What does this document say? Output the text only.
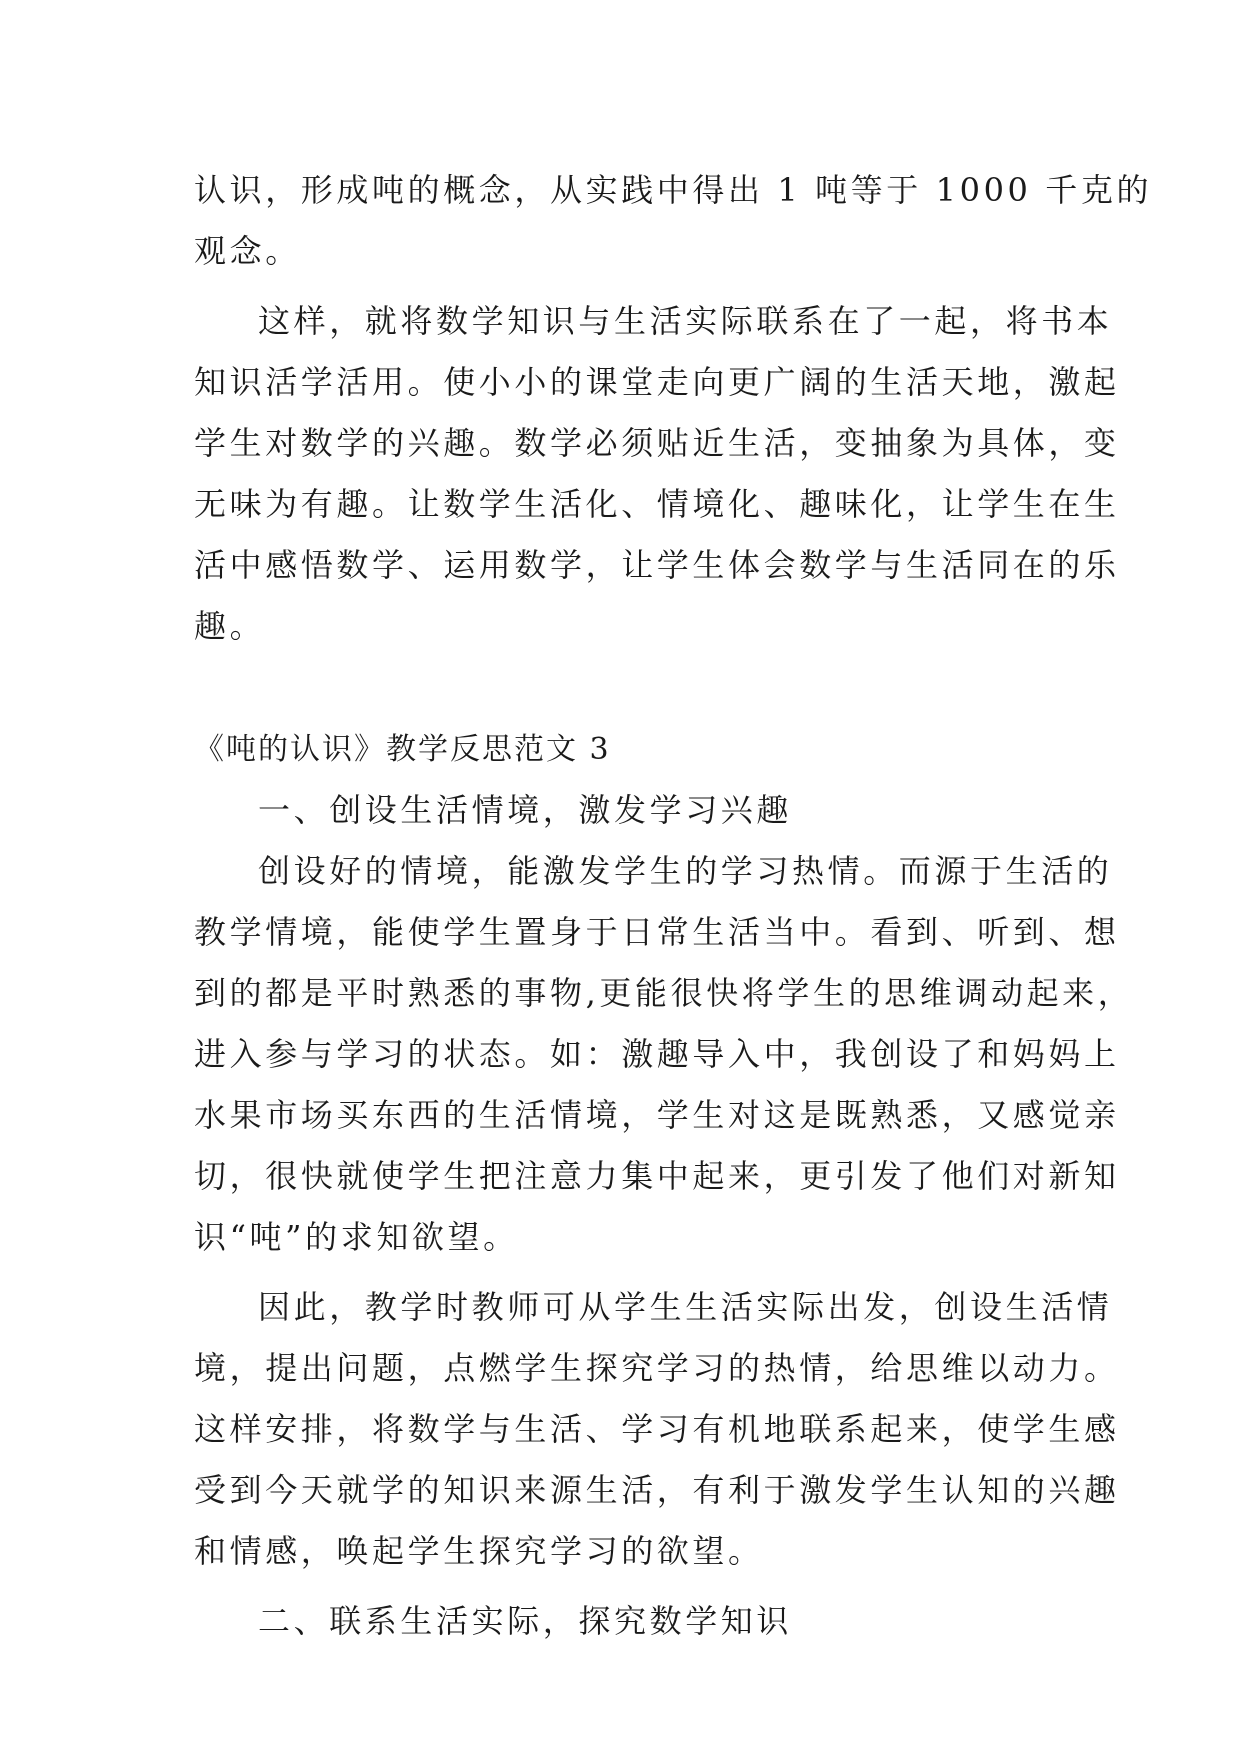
认识，形成吨的概念，从实践中得出 1 吨等于 1000 千克的
观念。
这样，就将数学知识与生活实际联系在了一起，将书本
知识活学活用。使小小的课堂走向更广阔的生活天地，激起
学生对数学的兴趣。数学必须贴近生活，变抽象为具体，变
无味为有趣。让数学生活化、情境化、趣味化，让学生在生
活中感悟数学、运用数学，让学生体会数学与生活同在的乐
趣。
《吨的认识》教学反思范文 3
一、创设生活情境，激发学习兴趣
创设好的情境，能激发学生的学习热情。而源于生活的
教学情境，能使学生置身于日常生活当中。看到、听到、想
到的都是平时熟悉的事物,更能很快将学生的思维调动起来，
进入参与学习的状态。如：激趣导入中，我创设了和妈妈上
水果市场买东西的生活情境，学生对这是既熟悉，又感觉亲
切，很快就使学生把注意力集中起来，更引发了他们对新知
识“吨”的求知欲望。
因此，教学时教师可从学生生活实际出发，创设生活情
境，提出问题，点燃学生探究学习的热情，给思维以动力。
这样安排，将数学与生活、学习有机地联系起来，使学生感
受到今天就学的知识来源生活，有利于激发学生认知的兴趣
和情感，唤起学生探究学习的欲望。
二、联系生活实际，探究数学知识
